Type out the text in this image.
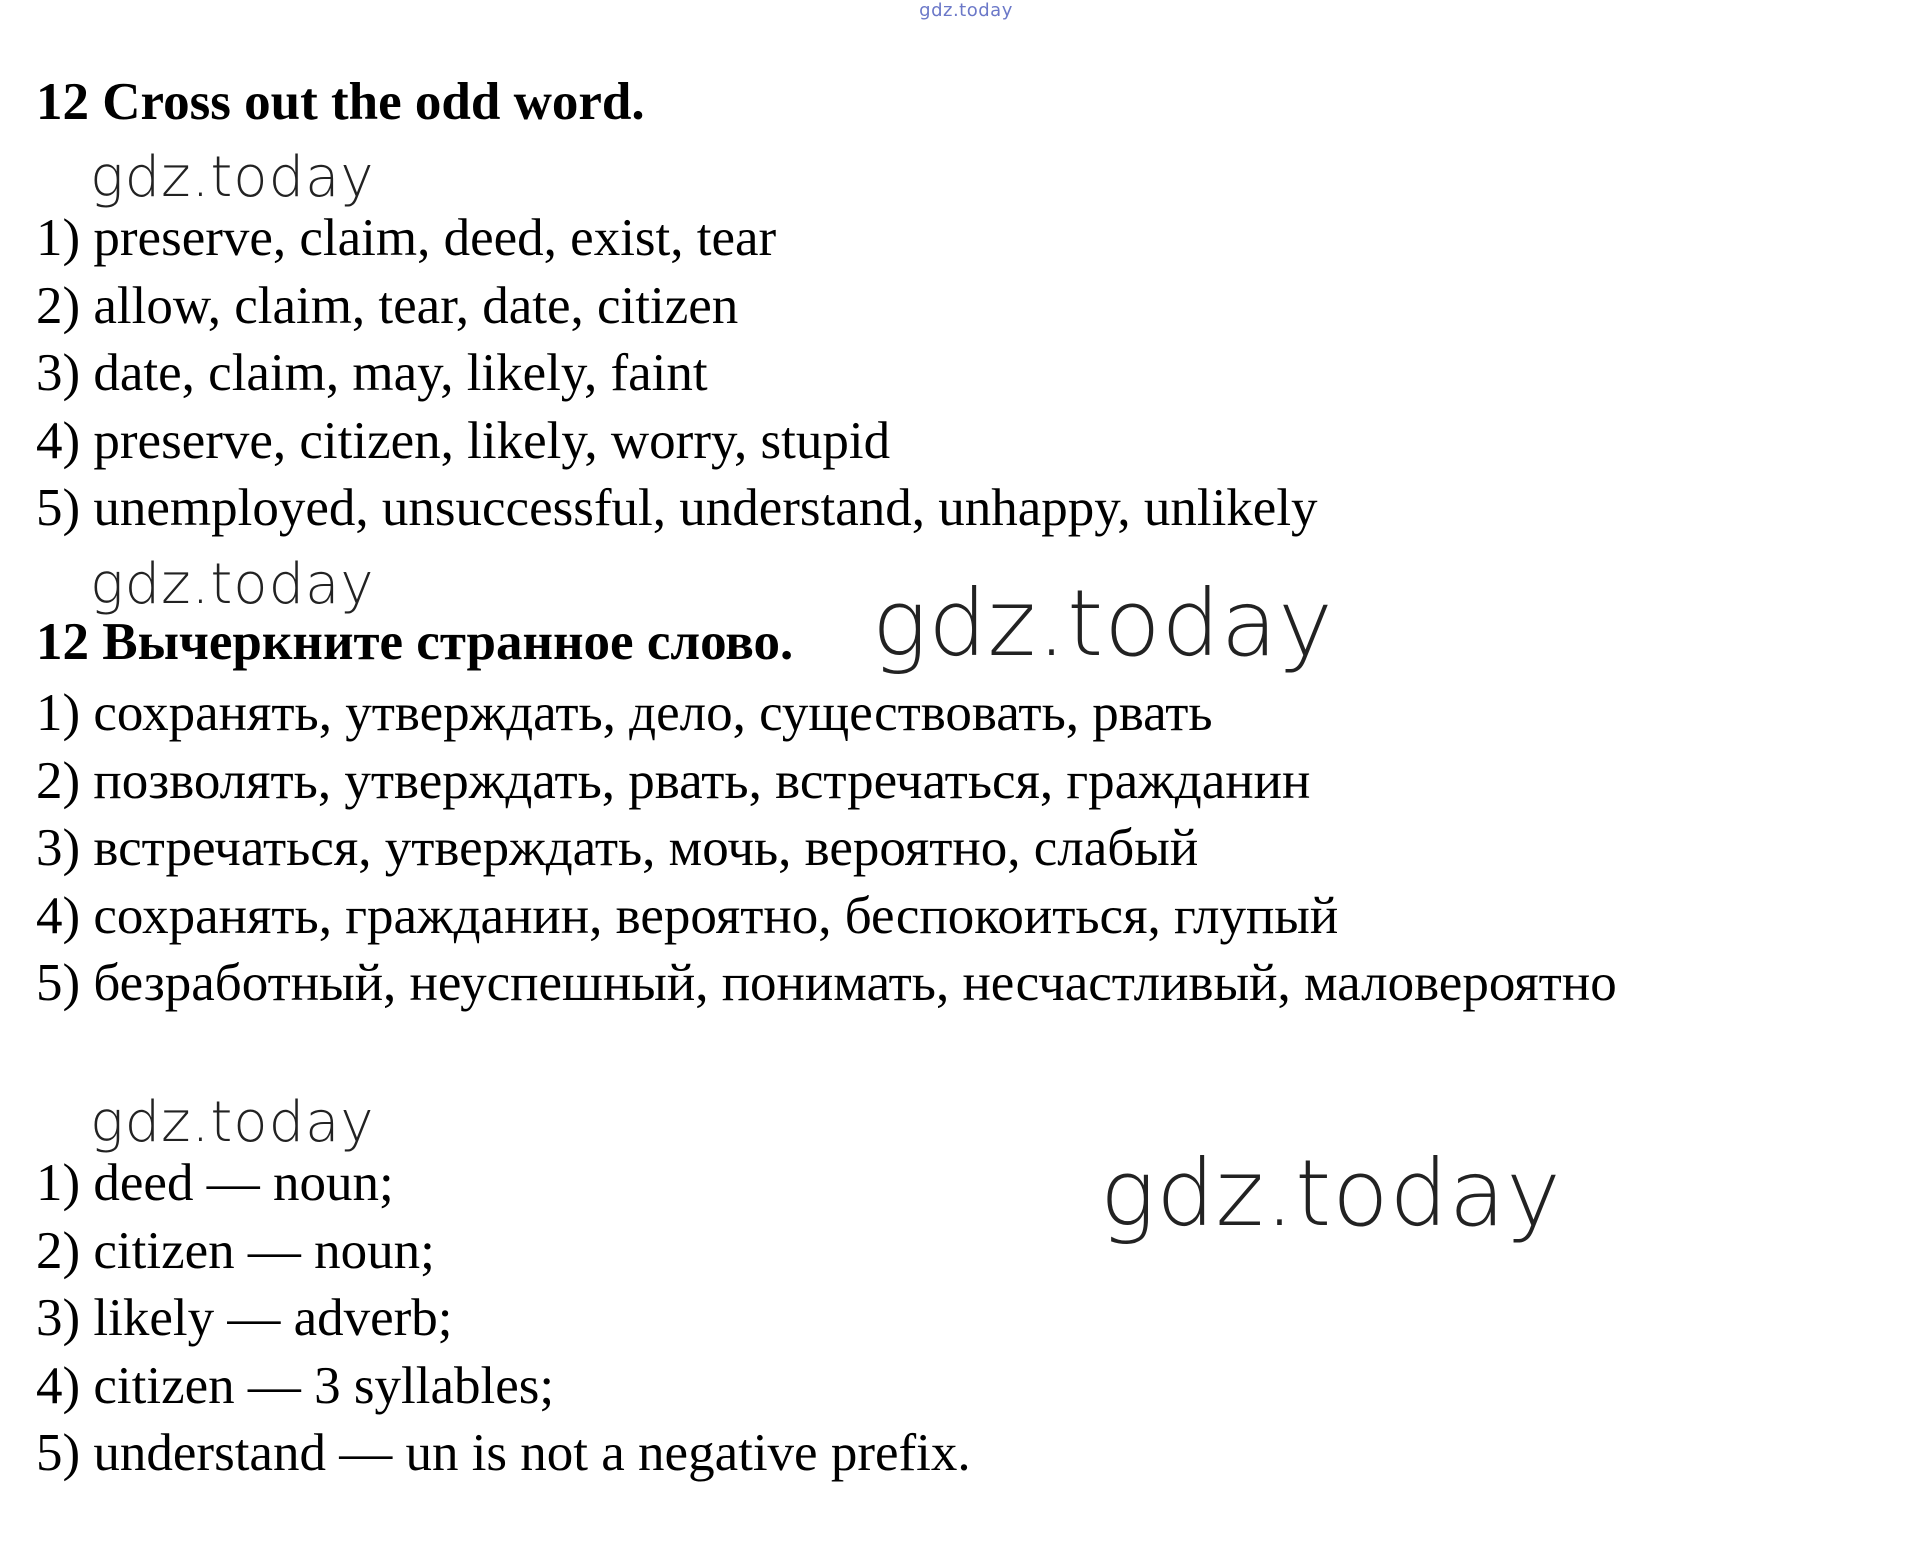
gdz.today
12 Cross out the odd word.
gdz.today
1) preserve, claim, deed, exist, tear
2) allow, claim, tear, date, citizen
3) date, claim, may, likely, faint
4) preserve, citizen, likely, worry, stupid
5) unemployed, unsuccessful, understand, unhappy, unlikely
gdz.today
12 Вычеркните странное слово. gdz.today
1) сохранять, утверждать, дело, существовать, рвать
2) позволять, утверждать, рвать, встречаться, гражданин
3) встречаться, утверждать, мочь, вероятно, слабый
4) сохранять, гражданин, вероятно, беспокоиться, глупый
5) безработный, неуспешный, понимать, несчастливый, маловероятно
gdz.today
1) deed — noun;
2) citizen — noun;
3) likely — adverb;
4) citizen — 3 syllables;
5) understand — un is not a negative prefix.
gdz.today
